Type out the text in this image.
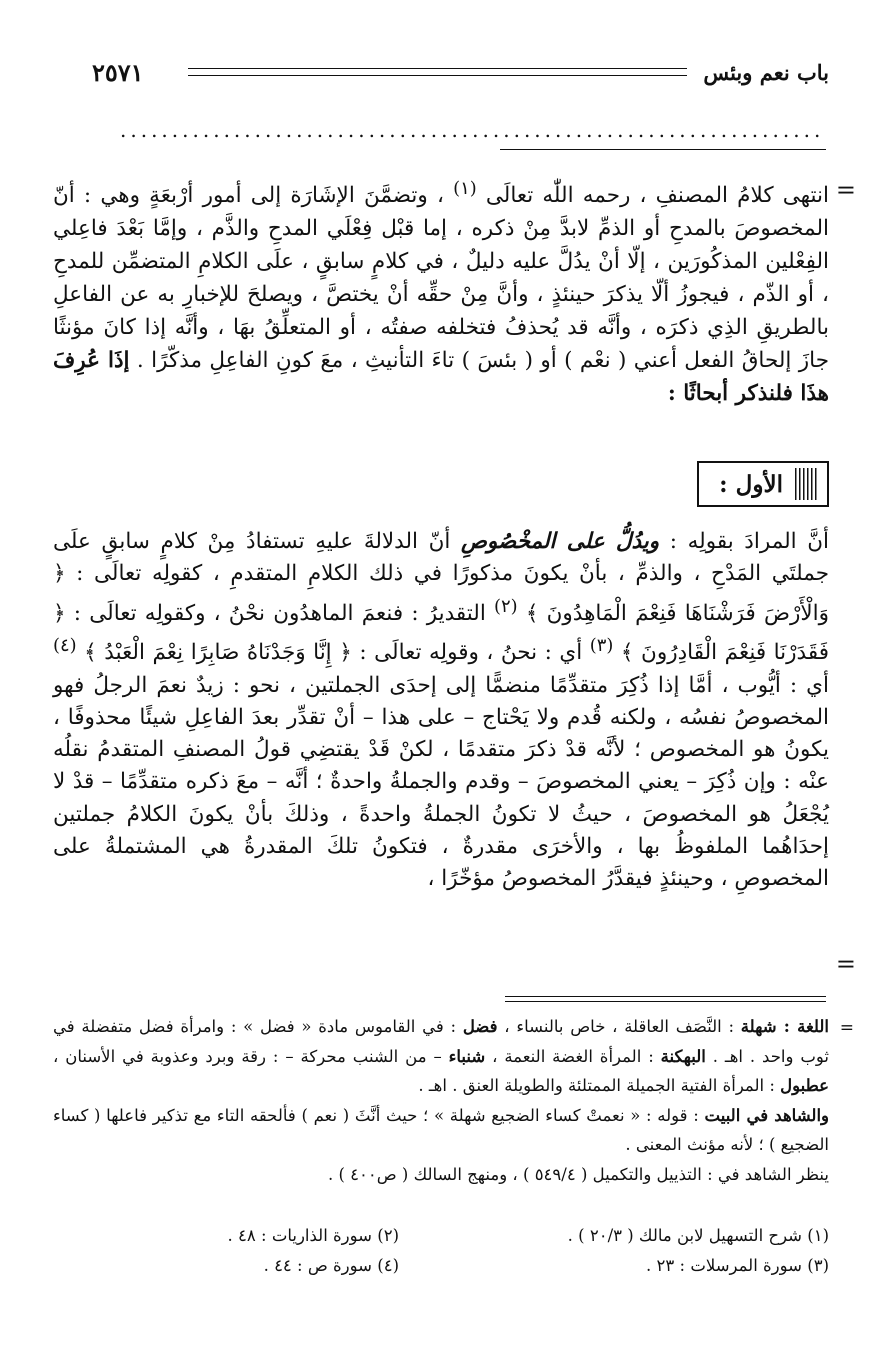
باب نعم وبئس
٢٥٧١
....................................................................
=
انتهى كلامُ المصنفِ ، رحمه اللّٰه تعالَى $^{(١)}$ ، وتضمَّنَ الإشَارَة إلى أمور أرْبعَةٍ وهي : أنّ المخصوصَ بالمدحِ أو الذمِّ لابدَّ مِنْ ذكره ، إما قبْل فِعْلَي المدحِ والذَّم ، وإمَّا بَعْدَ فاعِلي الفِعْلين المذكُورَين ، إلّا أنْ يدُلَّ عليه دليلٌ ، في كلامٍ سابقٍ ، علَى الكلامِ المتضمِّن للمدحِ ، أو الذّم ، فيجوزُ ألّا يذكرَ حينئذٍ ، وأنَّ مِنْ حقِّه أنْ يختصَّ ، ويصلحَ للإخبارِ به عن الفاعلِ بالطريقِ الذِي ذكرَه ، وأنَّه قد يُحذفُ فتخلفه صفتُه ، أو المتعلِّقُ بهَا ، وأنَّه إذا كانَ مؤنثًا جازَ إلحاقُ الفعل أعني ( نعْم ) أو ( بئسَ ) تاءَ التأنيثِ ، معَ كونِ الفاعِلِ مذكّرًا . إذَا عُرِفَ هذَا فلنذكر أبحاثًا :
الأول :
أنَّ المرادَ بقولِه : ويدُلُّ على المخْصُوصِ أنّ الدلالةَ عليهِ تستفادُ مِنْ كلامٍ سابقٍ علَى جملتَي المَدْحِ ، والذمِّ ، بأنْ يكونَ مذكورًا في ذلك الكلامِ المتقدمِ ، كقولِه تعالَى : ﴿ وَالْأَرْضَ فَرَشْنَاهَا فَنِعْمَ الْمَاهِدُونَ ﴾ $^{(٢)}$ التقديرُ : فنعمَ الماهدُون نحْنُ ، وكقولِه تعالَى : ﴿ فَقَدَرْنَا فَنِعْمَ الْقَادِرُونَ ﴾ $^{(٣)}$ أي : نحنُ ، وقولِه تعالَى : ﴿ إِنَّا وَجَدْنَاهُ صَابِرًا نِعْمَ الْعَبْدُ ﴾ $^{(٤)}$ أي : أيُّوب ، أمَّا إذا ذُكِرَ متقدِّمًا منضمًّا إلى إحدَى الجملتين ، نحو : زيدٌ نعمَ الرجلُ فهو المخصوصُ نفسُه ، ولكنه قُدم ولا يَحْتاج – على هذا – أنْ تقدِّر بعدَ الفاعِلِ شيئًا محذوفًا ، يكونُ هو المخصوص ؛ لأنَّه قدْ ذكرَ متقدمًا ، لكنْ قَدْ يقتضِي قولُ المصنفِ المتقدمُ نقلُه عنْه : وإن ذُكِرَ – يعني المخصوصَ – وقدم والجملةُ واحدةٌ ؛ أنَّه – معَ ذكره متقدِّمًا – قدْ لا يُجْعَلُ هو المخصوصَ ، حيثُ لا تكونُ الجملةُ واحدةً ، وذلكَ بأنْ يكونَ الكلامُ جملتين إحدَاهُما الملفوظُ بها ، والأخرَى مقدرةٌ ، فتكونُ تلكَ المقدرةُ هي المشتملةُ على المخصوصِ ، وحينئذٍ فيقدَّرُ المخصوصُ مؤخّرًا ،
=
=

اللغة : شهلة : النَّصَف العاقلة ، خاص بالنساء ، فضل : في القاموس مادة « فضل » : وامرأة فضل متفضلة في ثوب واحد . اهـ . البهكنة : المرأة الغضة النعمة ، شنباء – من الشنب محركة – : رقة وبرد وعذوبة في الأسنان ، عطبول : المرأة الفتية الجميلة الممتلئة والطويلة العنق . اهـ .

والشاهد في البيت : قوله : « نعمتْ كساء الضجيع شهلة » ؛ حيث أنَّثَ ( نعم ) فألحقه التاء مع تذكير فاعلها ( كساء الضجيع ) ؛ لأنه مؤنث المعنى .

ينظر الشاهد في : التذييل والتكميل ( ٥٤٩/٤ ) ، ومنهج السالك ( ص٤٠٠ ) .

(١) شرح التسهيل لابن مالك ( ٢٠/٣ ) .
(٢) سورة الذاريات : ٤٨ .
(٣) سورة المرسلات : ٢٣ .
(٤) سورة ص : ٤٤ .
